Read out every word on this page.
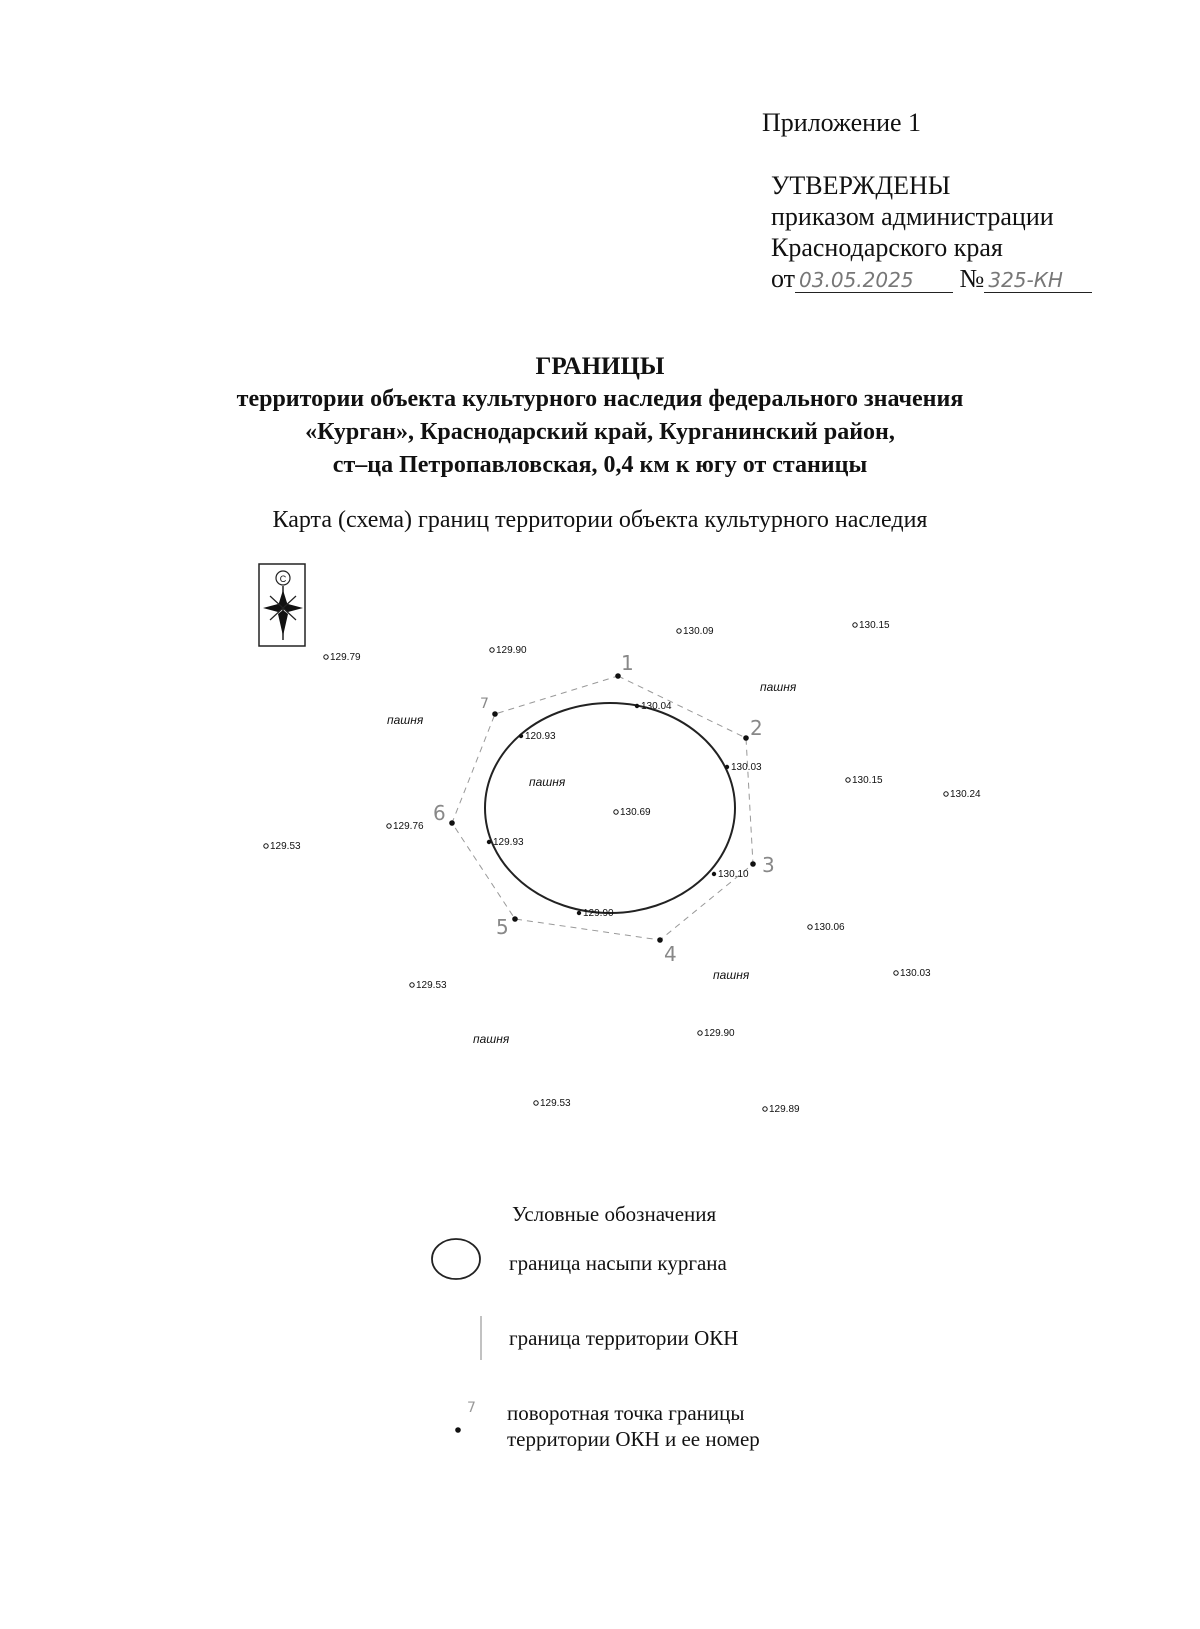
Приложение 1
УТВЕРЖДЕНЫ
приказом администрации
Краснодарского края
от 03.05.2025 № 325-КН
ГРАНИЦЫ
территории объекта культурного наследия федерального значения
«Курган», Краснодарский край, Курганинский район,
ст–ца Петропавловская, 0,4 км к югу от станицы
Карта (схема) границ территории объекта культурного наследия
С
129.79
129.90
130.09
130.15
130.04
120.93
130.03
130.15
130.24
130.69
129.76
129.53	129.93
130.10
129.90
130.06
130.03
129.53
129.90
129.53
129.89
пашня
пашня
пашня
пашня
пашня
1
2
3
4
5
6
7
7
Условные обозначения
граница насыпи кургана
граница территории ОКН
поворотная точка границы
территории ОКН и ее номер
